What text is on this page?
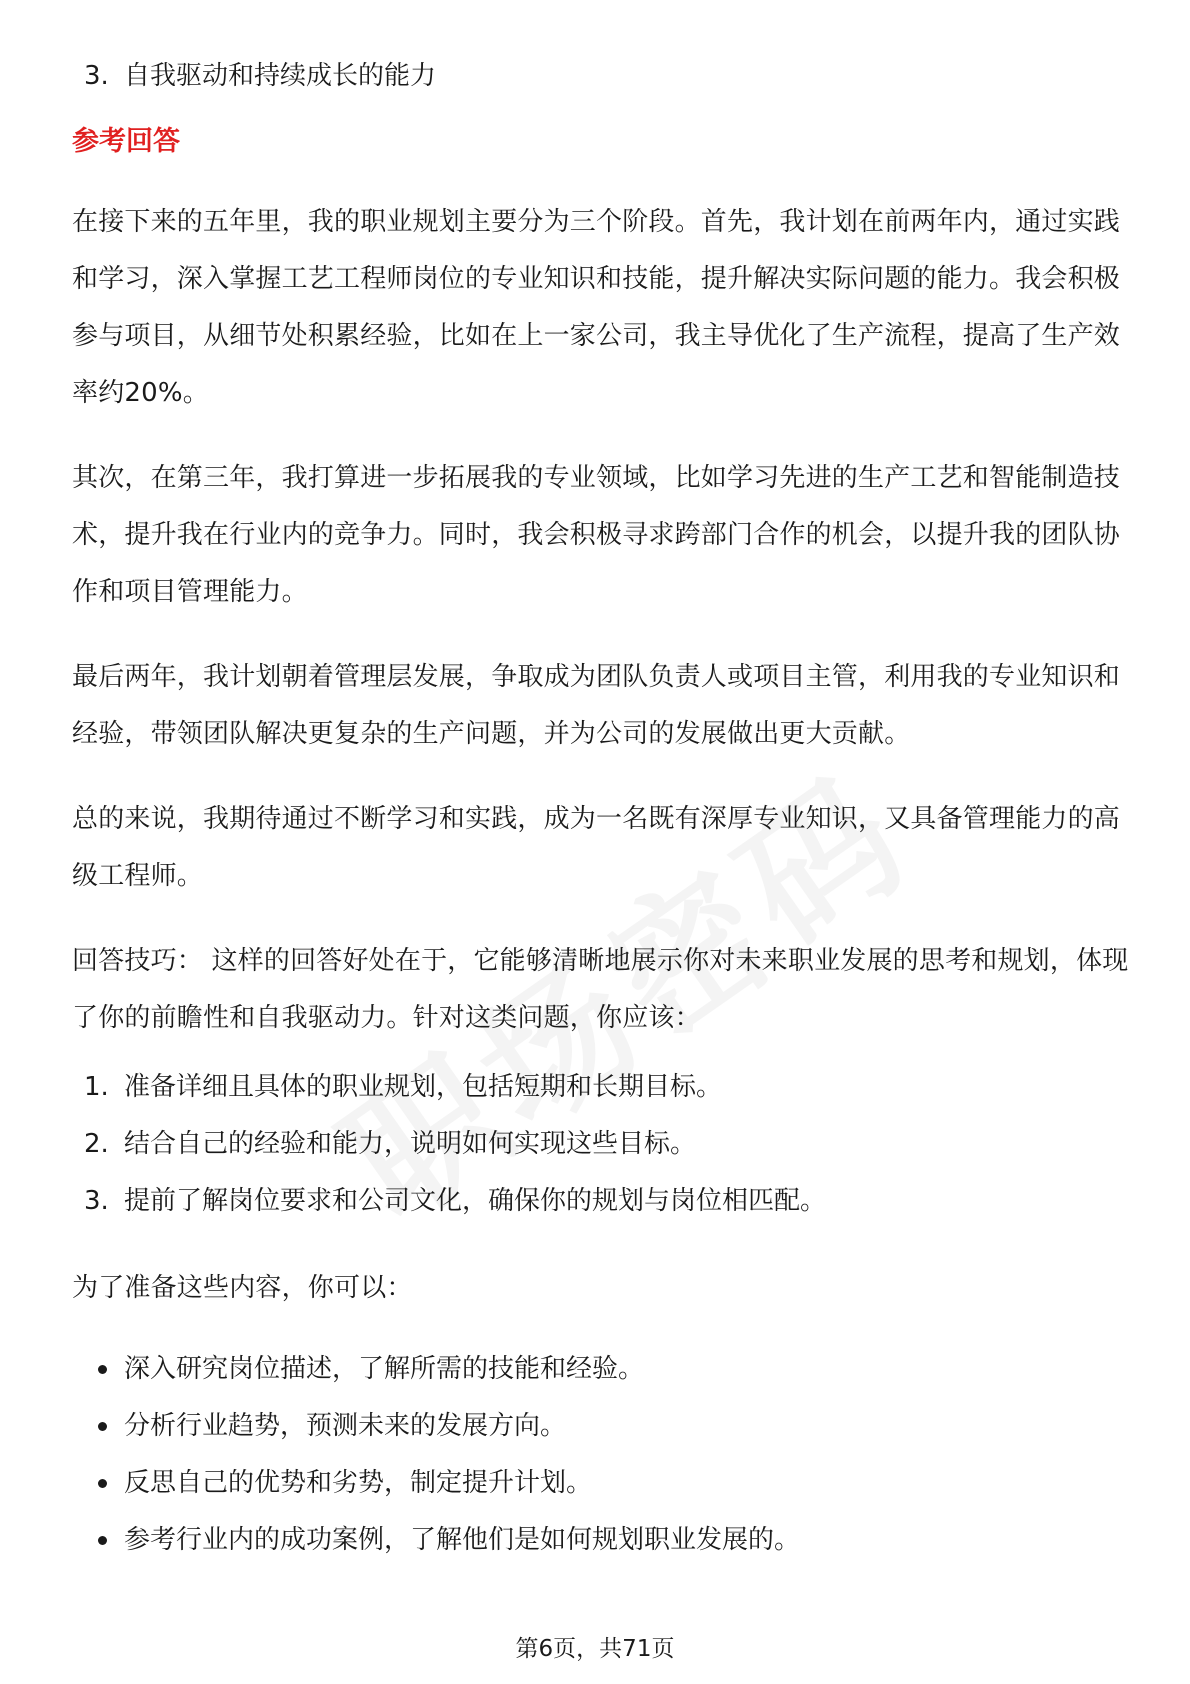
3. 自我驱动和持续成长的能力
参考回答

在接下来的五年里，我的职业规划主要分为三个阶段。首先，我计划在前两年内，通过实践和学习，深入掌握工艺工程师岗位的专业知识和技能，提升解决实际问题的能力。我会积极参与项目，从细节处积累经验，比如在上一家公司，我主导优化了生产流程，提高了生产效率约20%。

其次，在第三年，我打算进一步拓展我的专业领域，比如学习先进的生产工艺和智能制造技术，提升我在行业内的竞争力。同时，我会积极寻求跨部门合作的机会，以提升我的团队协作和项目管理能力。

最后两年，我计划朝着管理层发展，争取成为团队负责人或项目主管，利用我的专业知识和经验，带领团队解决更复杂的生产问题，并为公司的发展做出更大贡献。

总的来说，我期待通过不断学习和实践，成为一名既有深厚专业知识，又具备管理能力的高级工程师。

回答技巧： 这样的回答好处在于，它能够清晰地展示你对未来职业发展的思考和规划，体现了你的前瞻性和自我驱动力。针对这类问题，你应该：

1. 准备详细且具体的职业规划，包括短期和长期目标。
2. 结合自己的经验和能力，说明如何实现这些目标。
3. 提前了解岗位要求和公司文化，确保你的规划与岗位相匹配。

为了准备这些内容，你可以：

深入研究岗位描述，了解所需的技能和经验。
分析行业趋势，预测未来的发展方向。
反思自己的优势和劣势，制定提升计划。
参考行业内的成功案例，了解他们是如何规划职业发展的。
第6页，共71页
